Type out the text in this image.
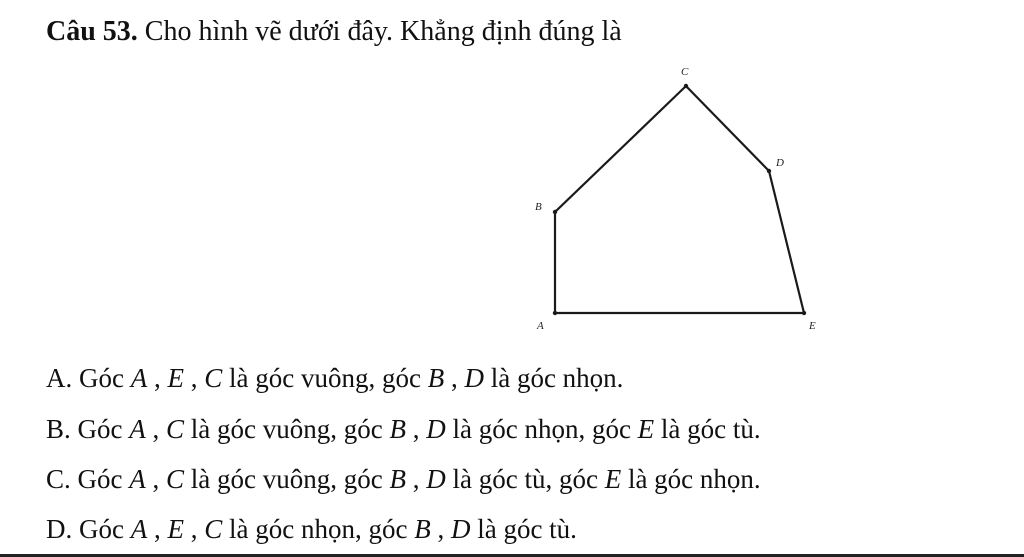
Câu 53. Cho hình vẽ dưới đây. Khẳng định đúng là
A
B
C
D
E
A. Góc A , E , C là góc vuông, góc B , D là góc nhọn.
B. Góc A , C là góc vuông, góc B , D là góc nhọn, góc E là góc tù.
C. Góc A , C là góc vuông, góc B , D là góc tù, góc E là góc nhọn.
D. Góc A , E , C là góc nhọn, góc B , D là góc tù.
